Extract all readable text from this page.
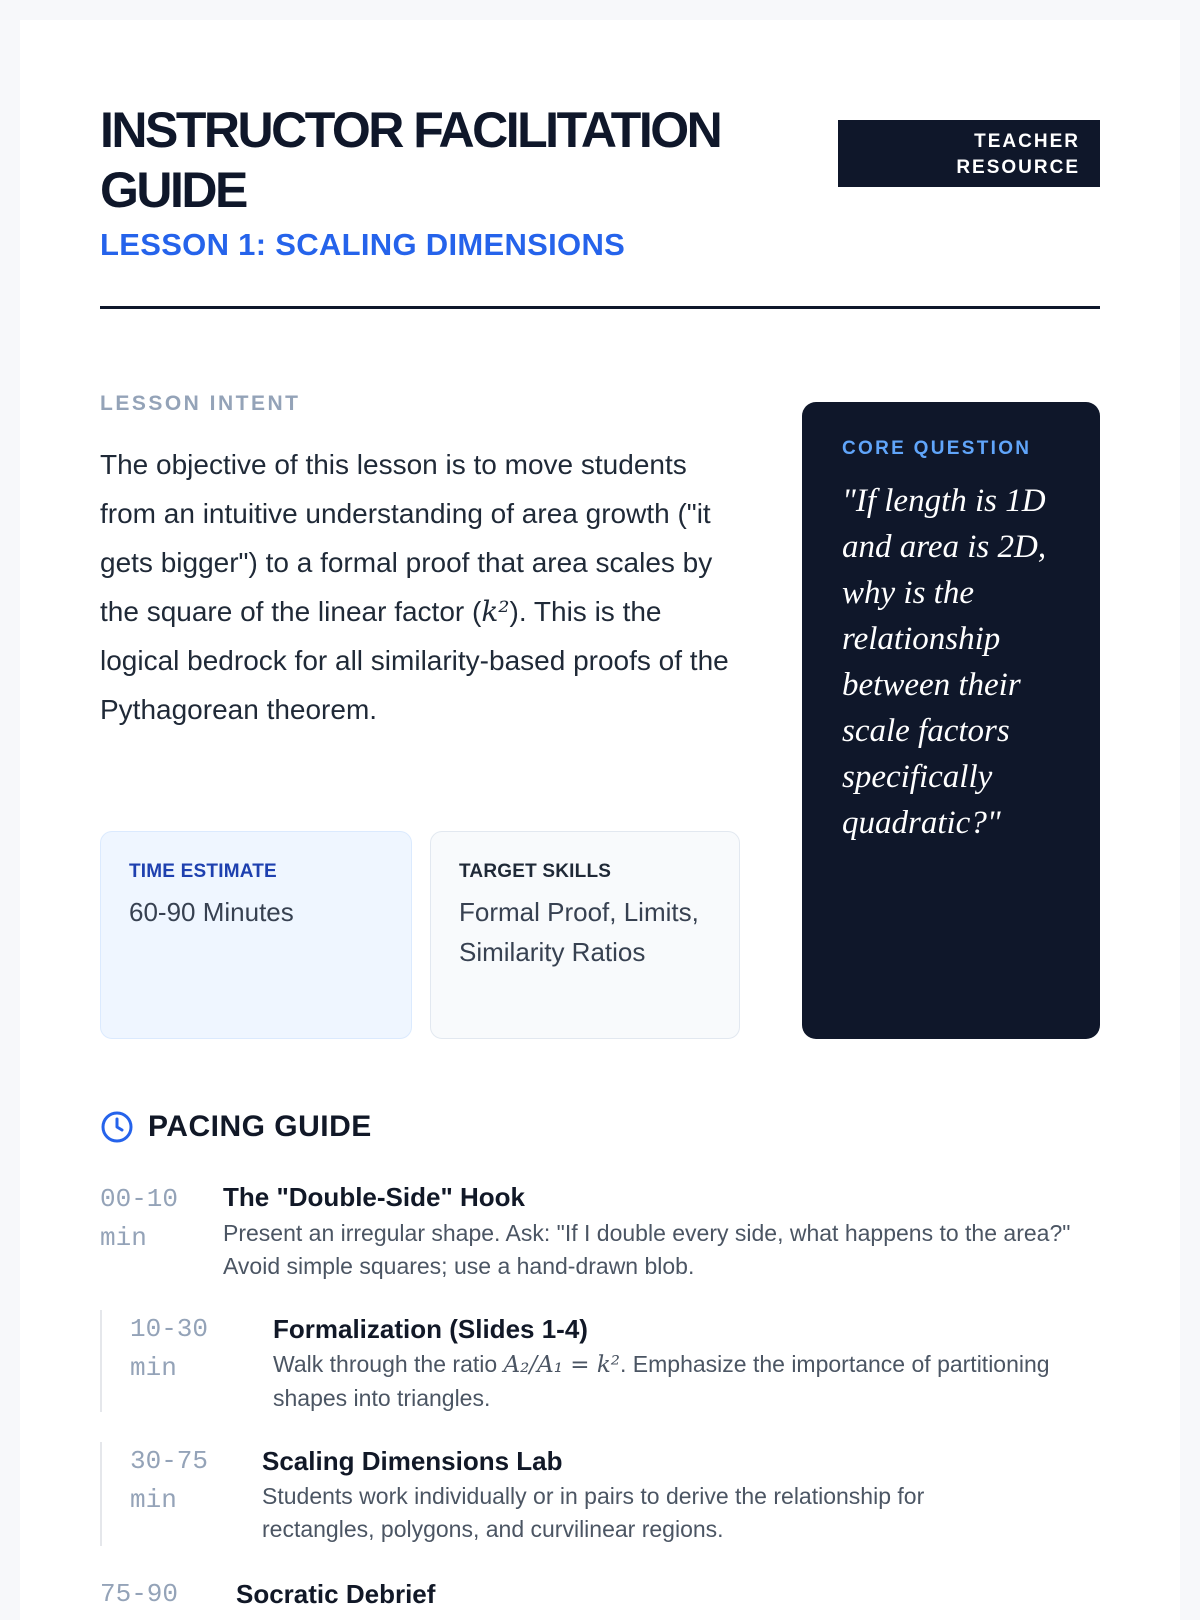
INSTRUCTOR FACILITATION GUIDE
LESSON 1: SCALING DIMENSIONS
TEACHER
RESOURCE
LESSON INTENT
The objective of this lesson is to move students from an intuitive understanding of area growth ("it gets bigger") to a formal proof that area scales by the square of the linear factor (k²). This is the logical bedrock for all similarity-based proofs of the Pythagorean theorem.
TIME ESTIMATE
60-90 Minutes
TARGET SKILLS
Formal Proof, Limits, Similarity Ratios
CORE QUESTION
"If length is 1D and area is 2D, why is the relationship between their scale factors specifically quadratic?"
PACING GUIDE
00-10
min
The "Double-Side" Hook
Present an irregular shape. Ask: "If I double every side, what happens to the area?" Avoid simple squares; use a hand-drawn blob.
10-30
min
Formalization (Slides 1-4)
Walk through the ratio A₂/A₁ = k². Emphasize the importance of partitioning shapes into triangles.
30-75
min
Scaling Dimensions Lab
Students work individually or in pairs to derive the relationship for rectangles, polygons, and curvilinear regions.
75-90	Socratic Debrief
